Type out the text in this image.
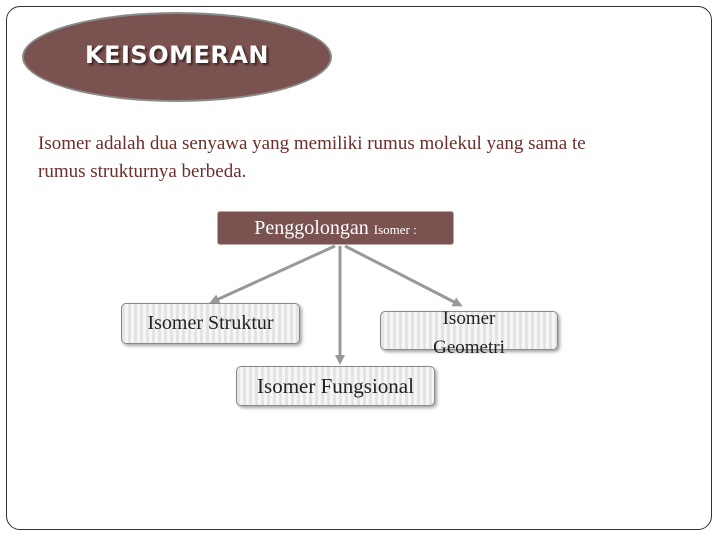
KEISOMERAN
Isomer adalah dua senyawa yang memiliki rumus molekul yang sama te
rumus strukturnya berbeda.
Penggolongan Isomer :
Isomer Struktur	Isomer
Geometri
Isomer Fungsional
